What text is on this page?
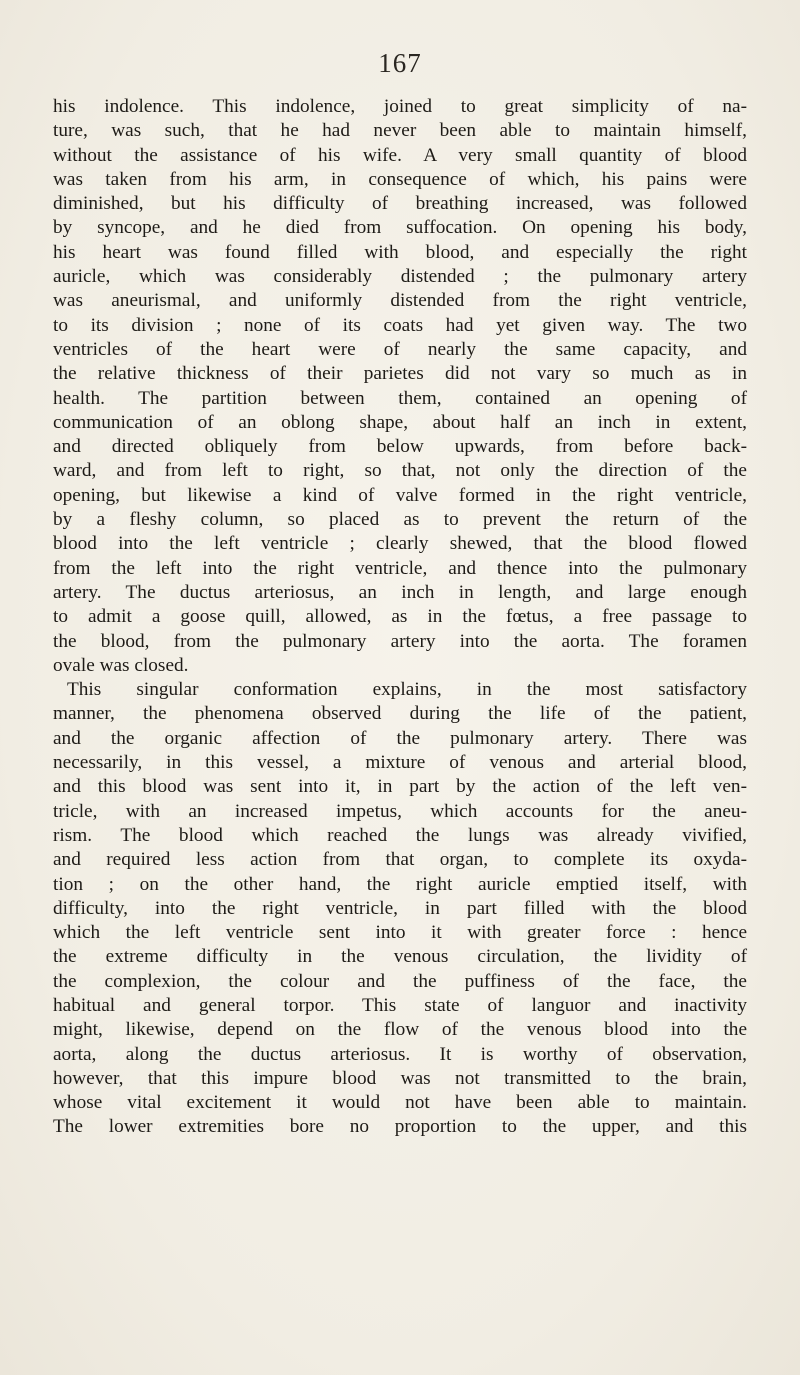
167
his indolence. This indolence, joined to great simplicity of na-
ture, was such, that he had never been able to maintain himself,
without the assistance of his wife. A very small quantity of blood
was taken from his arm, in consequence of which, his pains were
diminished, but his difficulty of breathing increased, was followed
by syncope, and he died from suffocation. On opening his body,
his heart was found filled with blood, and especially the right
auricle, which was considerably distended ; the pulmonary artery
was aneurismal, and uniformly distended from the right ventricle,
to its division ; none of its coats had yet given way. The two
ventricles of the heart were of nearly the same capacity, and
the relative thickness of their parietes did not vary so much as in
health. The partition between them, contained an opening of
communication of an oblong shape, about half an inch in extent,
and directed obliquely from below upwards, from before back-
ward, and from left to right, so that, not only the direction of the
opening, but likewise a kind of valve formed in the right ventricle,
by a fleshy column, so placed as to prevent the return of the
blood into the left ventricle ; clearly shewed, that the blood flowed
from the left into the right ventricle, and thence into the pulmonary
artery. The ductus arteriosus, an inch in length, and large enough
to admit a goose quill, allowed, as in the fœtus, a free passage to
the blood, from the pulmonary artery into the aorta. The foramen
ovale was closed.
This singular conformation explains, in the most satisfactory
manner, the phenomena observed during the life of the patient,
and the organic affection of the pulmonary artery. There was
necessarily, in this vessel, a mixture of venous and arterial blood,
and this blood was sent into it, in part by the action of the left ven-
tricle, with an increased impetus, which accounts for the aneu-
rism. The blood which reached the lungs was already vivified,
and required less action from that organ, to complete its oxyda-
tion ; on the other hand, the right auricle emptied itself, with
difficulty, into the right ventricle, in part filled with the blood
which the left ventricle sent into it with greater force : hence
the extreme difficulty in the venous circulation, the lividity of
the complexion, the colour and the puffiness of the face, the
habitual and general torpor. This state of languor and inactivity
might, likewise, depend on the flow of the venous blood into the
aorta, along the ductus arteriosus. It is worthy of observation,
however, that this impure blood was not transmitted to the brain,
whose vital excitement it would not have been able to maintain.
The lower extremities bore no proportion to the upper, and this
